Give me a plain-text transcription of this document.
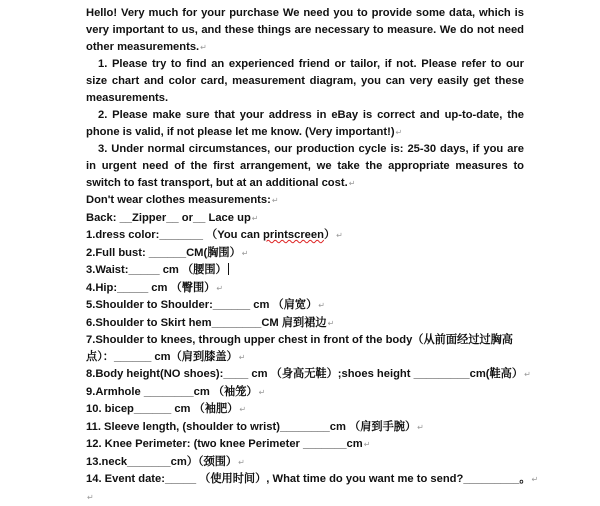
Hello! Very much for your purchase We need you to provide some data, which is very important to us, and these things are necessary to measure. We do not need other measurements.↵

1. Please try to find an experienced friend or tailor, if not. Please refer to our size chart and color card, measurement diagram, you can very easily get these measurements.

2. Please make sure that your address in eBay is correct and up-to-date, the phone is valid, if not please let me know. (Very important!)↵

3. Under normal circumstances, our production cycle is: 25-30 days, if you are in urgent need of the first arrangement, we take the appropriate measures to switch to fast transport, but at an additional cost.↵

Don't wear clothes measurements:↵
Back: __Zipper__ or__ Lace up↵
1.dress color:_______ （You can printscreen）↵
2.Full bust: ______CM(胸围）↵
3.Waist:_____ cm （腰围）
4.Hip:_____ cm （臀围）↵
5.Shoulder to Shoulder:______ cm （肩宽）↵
6.Shoulder to Skirt hem________CM 肩到裙边↵
7.Shoulder to knees, through upper chest in front of the body（从前面经过过胸高点）：______ cm（肩到膝盖）↵
8.Body height(NO shoes):____ cm （身高无鞋）;shoes height _________cm(鞋高）↵
9.Armhole ________cm （袖笼）↵
10. bicep______ cm （袖肥）↵
11. Sleeve length, (shoulder to wrist)________cm （肩到手腕）↵
12. Knee Perimeter: (two knee Perimeter _______cm↵
13.neck_______cm）（颈围）↵
14. Event date:_____ （使用时间）, What time do you want me to send?_________。↵
↵
